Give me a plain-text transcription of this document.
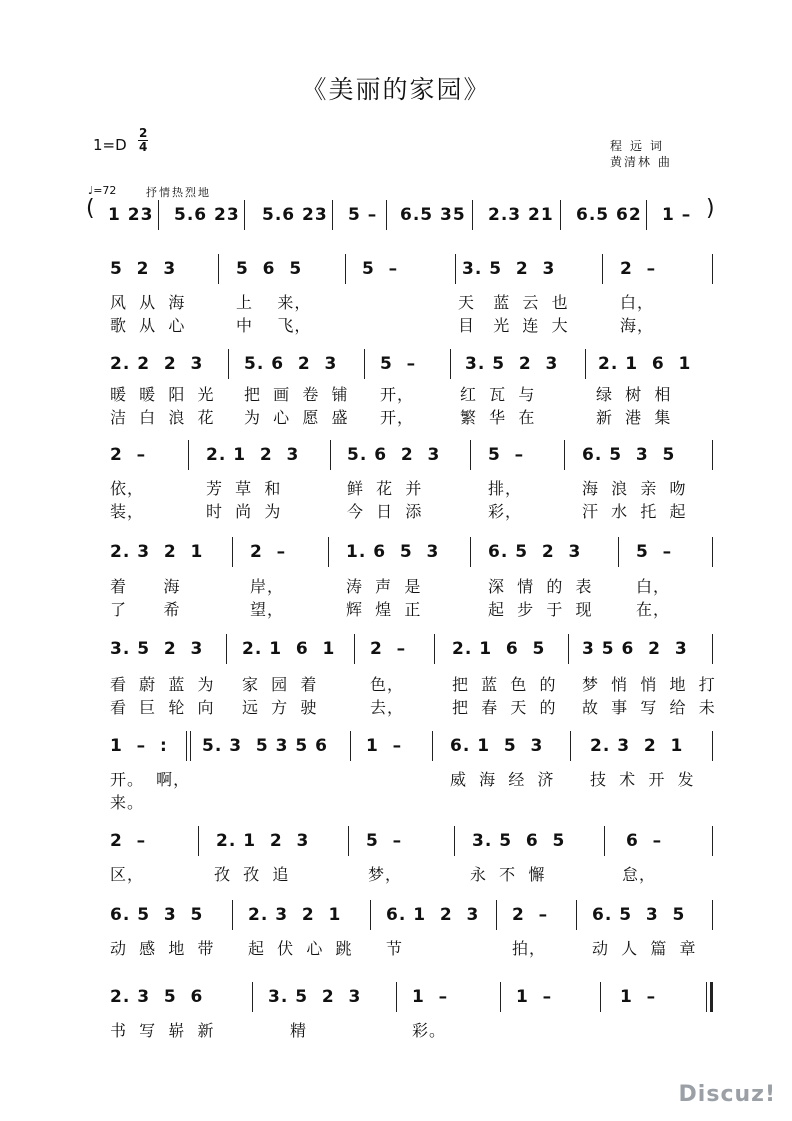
《美丽的家园》
$1=D \frac{2}{4}$	程远词
黄清林 曲
♩=72	抒情热烈地
(	)
1 23 5.6 23 5.6 23 5 – 6.5 35 2.3 21 6.5 62 1 –
5  2  3	5  6  5	5  –	3. 5  2  3	2  –
风  从  海	上    来，	天   蓝  云  也	白，
歌  从  心	中    飞，	目   光  连  大	海，
2. 2  2  3 5. 6  2  3	5  –	3. 5  2  3 2. 1  6  1
暖  暖  阳  光 把  画  卷  铺 开，	红  瓦  与	绿  树  相
洁  白  浪  花 为  心  愿  盛 开，	繁  华  在	新  港  集
2  –	2. 1  2  3	5. 6  2  3	5  –	6. 5  3  5
依，	芳  草  和	鲜  花  并	排，	海  浪  亲  吻
装，	时  尚  为	今  日  添	彩，	汗  水  托  起
2. 3  2  1	2  –	1. 6  5  3	6. 5  2  3	5  –
着      海	岸，	涛  声  是	深  情  的  表	白，
了      希	望，	辉  煌  正	起  步  于  现	在，
3. 5  2  3 2. 1  6  1 2  –	2. 1  6  5 3 5 6  2  3
看  蔚  蓝  为 家  园  着	色，	把  蓝  色  的 梦  悄  悄  地  打
看  巨  轮  向 远  方  驶	去，	把  春  天  的 故  事  写  给  未
1  –  : 5. 3  5 3 5 6 1  –	6. 1  5  3	2. 3  2  1
开。  啊，	威  海  经  济 技  术  开  发
来。
2  –	2. 1  2  3	5  –	3. 5  6  5	6  –
区，	孜  孜  追	梦，	永  不  懈	怠，
6. 5  3  5	2. 3  2  1	6. 1  2  3 2  –	6. 5  3  5
动  感  地  带 起  伏  心  跳 节	拍，	动  人  篇  章
2. 3  5  6	3. 5  2  3	1  –	1  –	1  –
书  写  崭  新	精	彩。
Discuz!
